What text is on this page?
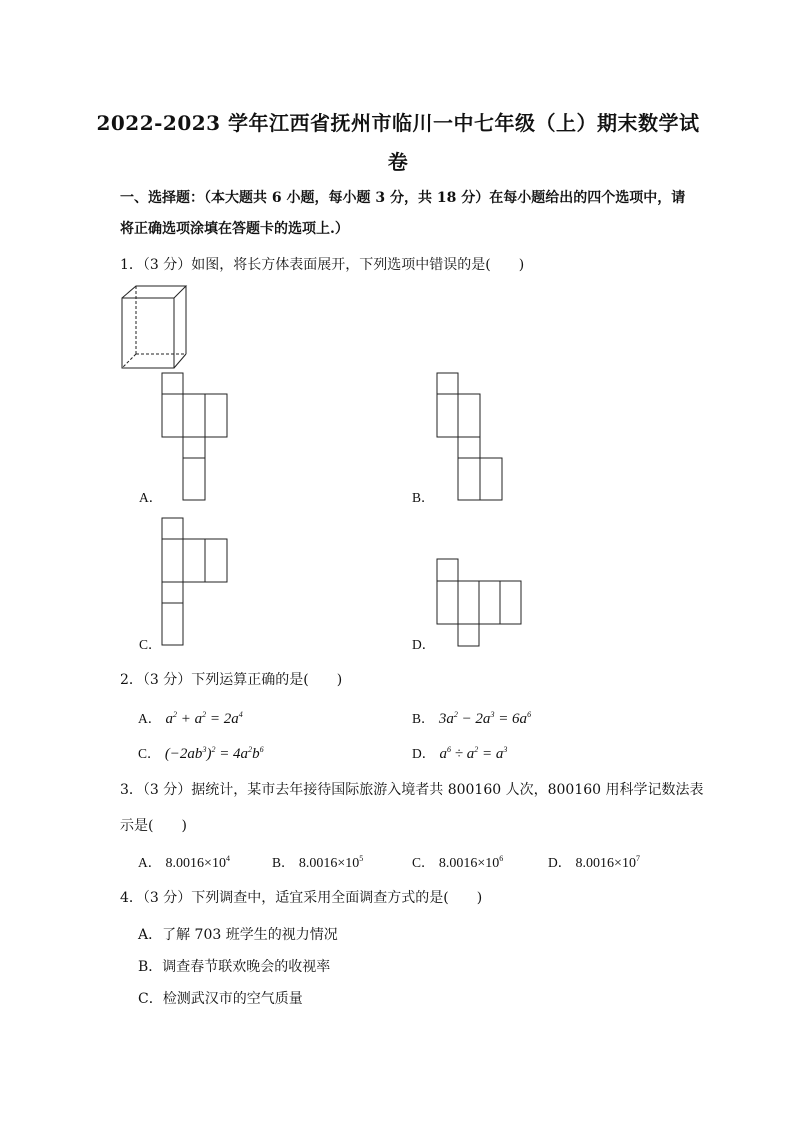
2022-2023 学年江西省抚州市临川一中七年级（上）期末数学试
卷
一、选择题：（本大题共 6 小题，每小题 3 分，共 18 分）在每小题给出的四个选项中，请
将正确选项涂填在答题卡的选项上.）
1．（3 分）如图，将长方体表面展开，下列选项中错误的是(　　)
A．	B．
C．	D．
2．（3 分）下列运算正确的是(　　)
A． $a^2 + a^2 = 2a^4$	B． $3a^2 - 2a^3 = 6a^6$
C． $(-2ab^3)^2 = 4a^2b^6$	D． $a^6 \div a^2 = a^3$
3．（3 分）据统计，某市去年接待国际旅游入境者共 800160 人次，800160 用科学记数法表
示是(　　)
A． $8.0016\times 10^4$	B． $8.0016\times 10^5$	C． $8.0016\times 10^6$	D． $8.0016\times 10^7$
4．（3 分）下列调查中，适宜采用全面调查方式的是(　　)
A．了解 703 班学生的视力情况
B．调查春节联欢晚会的收视率
C．检测武汉市的空气质量
